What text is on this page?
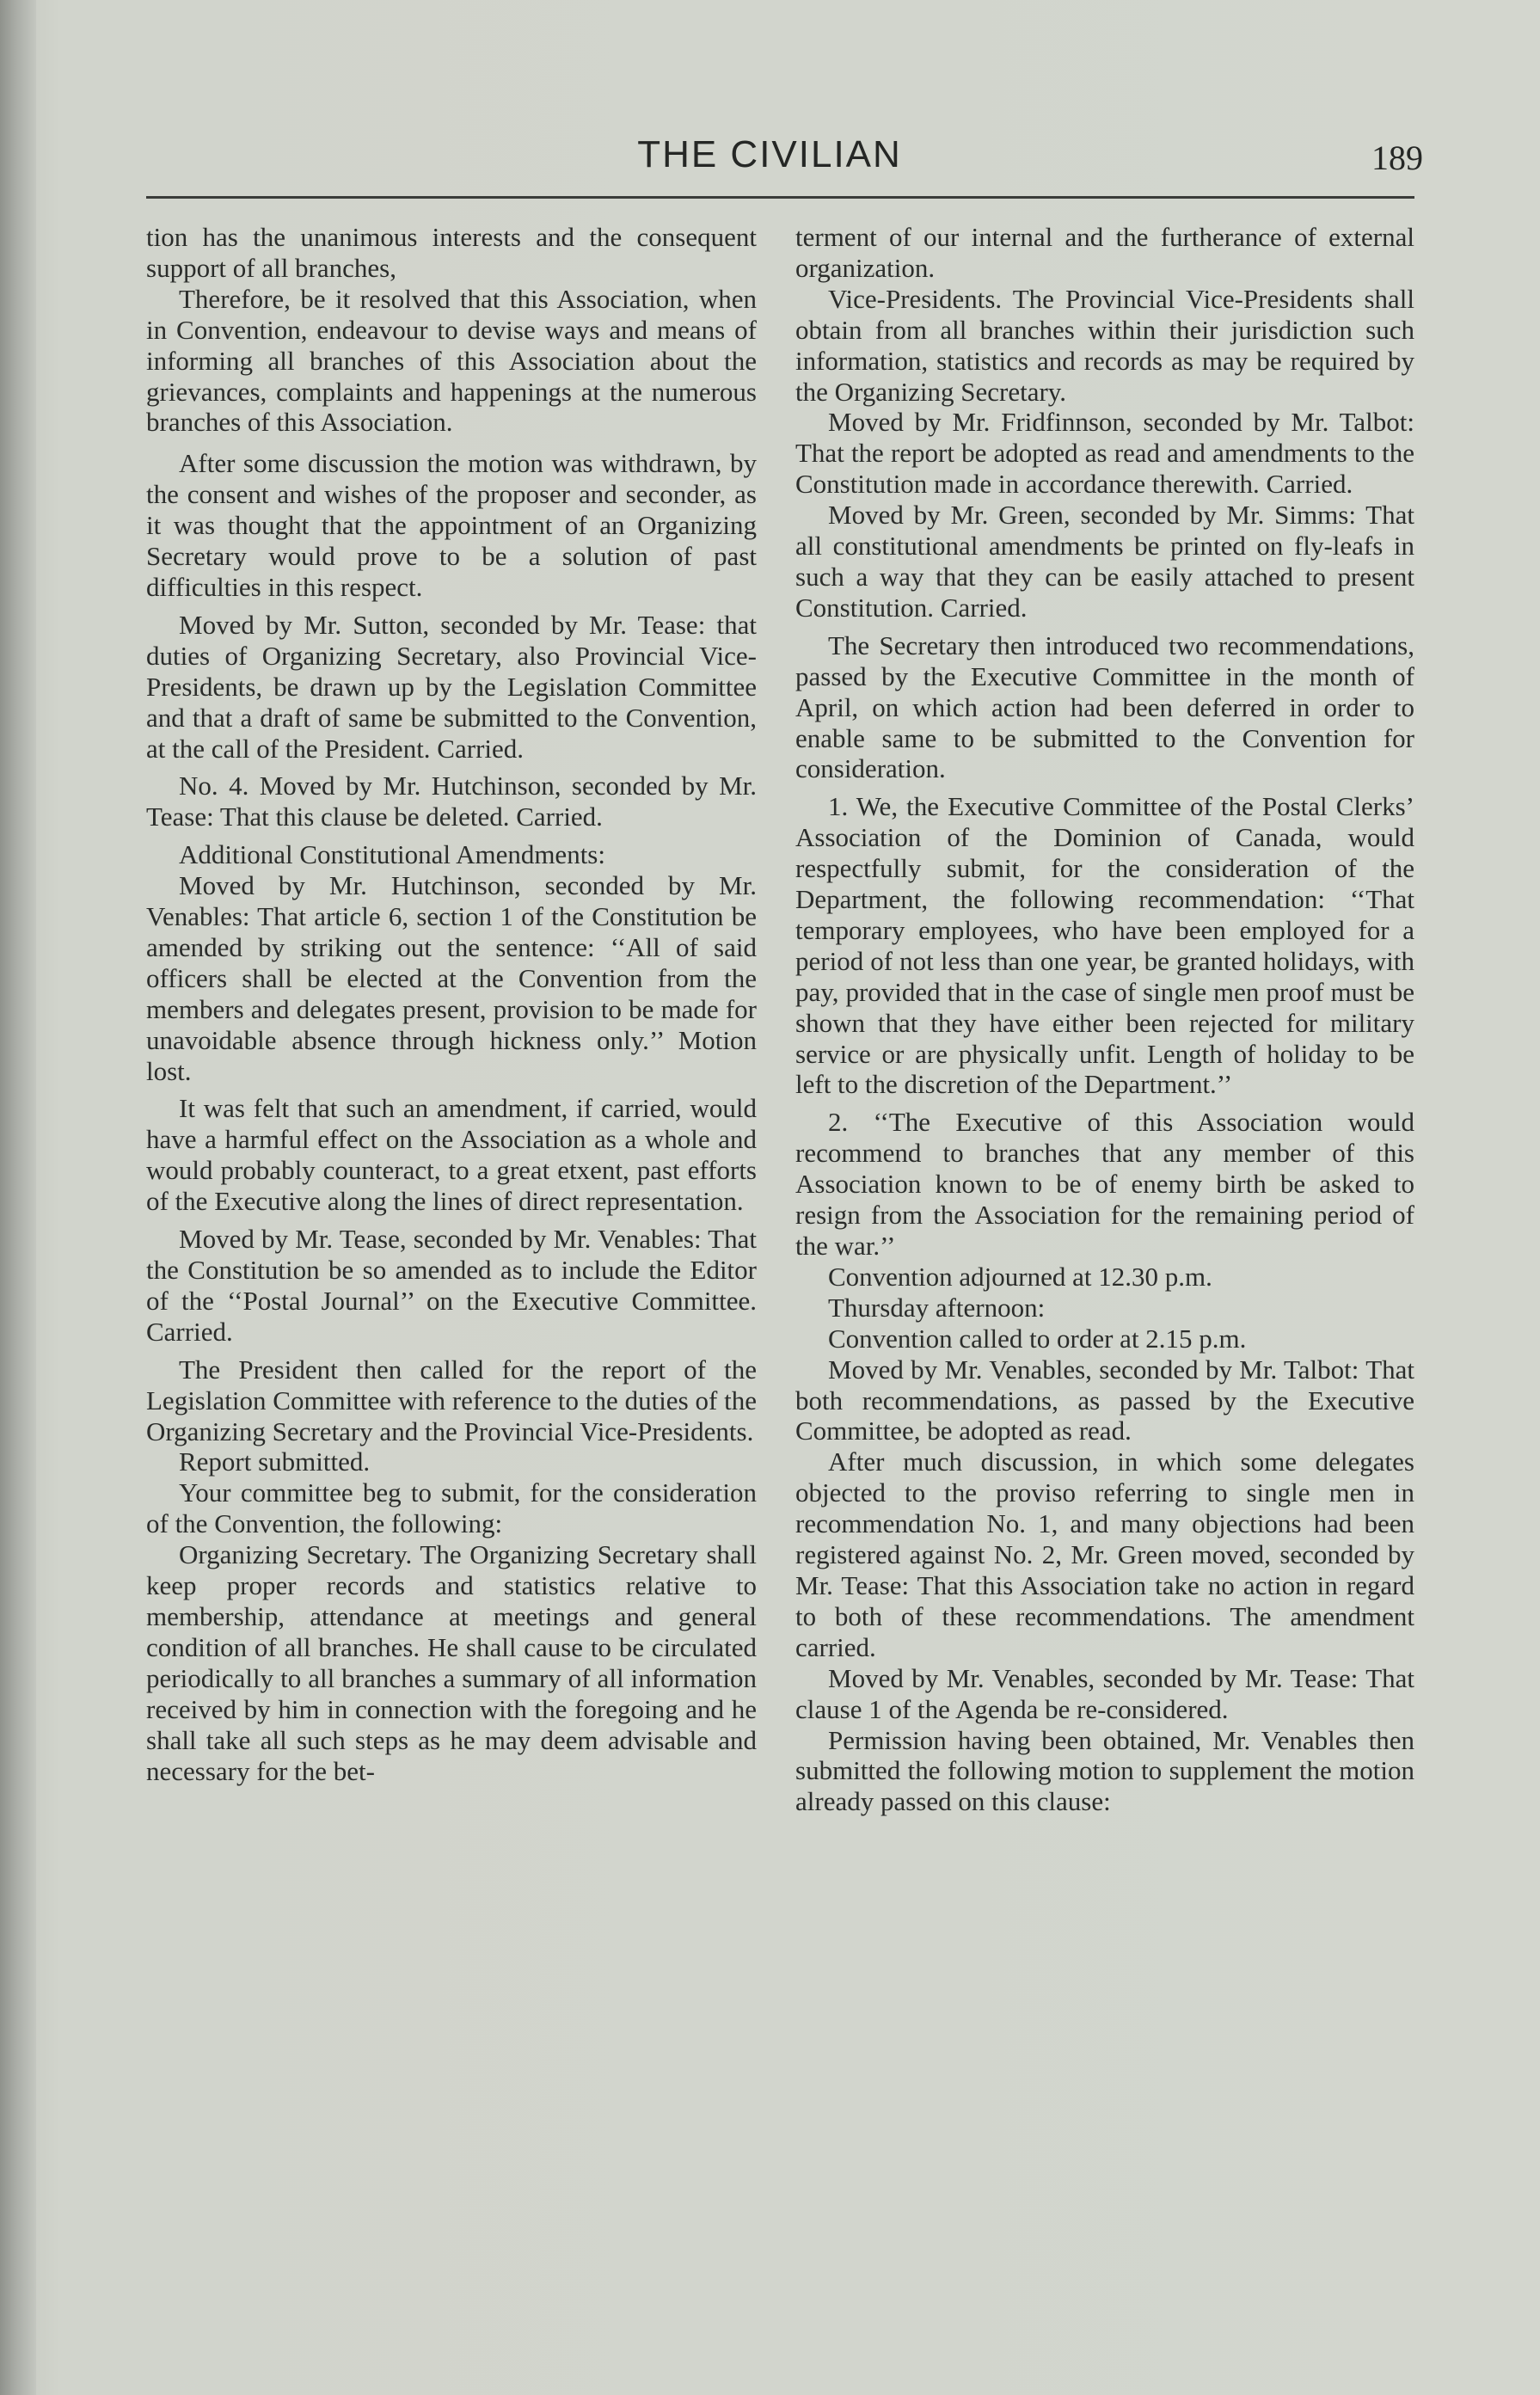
THE CIVILIAN	189

tion has the unanimous interests and the consequent support of all branches,

Therefore, be it resolved that this Association, when in Convention, endeavour to devise ways and means of informing all branches of this Association about the grievances, complaints and happenings at the numerous branches of this Association.

After some discussion the motion was withdrawn, by the consent and wishes of the proposer and seconder, as it was thought that the appointment of an Organizing Secretary would prove to be a solution of past difficulties in this respect.

Moved by Mr. Sutton, seconded by Mr. Tease: that duties of Organizing Secretary, also Provincial Vice-Presidents, be drawn up by the Legislation Committee and that a draft of same be submitted to the Convention, at the call of the President. Carried.

No. 4. Moved by Mr. Hutchinson, seconded by Mr. Tease: That this clause be deleted. Carried.

Additional Constitutional Amendments:

Moved by Mr. Hutchinson, seconded by Mr. Venables: That article 6, section 1 of the Constitution be amended by striking out the sentence: ‘‘All of said officers shall be elected at the Convention from the members and delegates present, provision to be made for unavoidable absence through hickness only.’’ Motion lost.

It was felt that such an amendment, if carried, would have a harmful effect on the Association as a whole and would probably counteract, to a great etxent, past efforts of the Executive along the lines of direct representation.

Moved by Mr. Tease, seconded by Mr. Venables: That the Constitution be so amended as to include the Editor of the ‘‘Postal Journal’’ on the Executive Committee. Carried.

The President then called for the report of the Legislation Committee with reference to the duties of the Organizing Secretary and the Provincial Vice-Presidents.

Report submitted.

Your committee beg to submit, for the consideration of the Convention, the following:

Organizing Secretary. The Organizing Secretary shall keep proper records and statistics relative to membership, attendance at meetings and general condition of all branches. He shall cause to be circulated periodically to all branches a summary of all information received by him in connection with the foregoing and he shall take all such steps as he may deem advisable and necessary for the bet-

terment of our internal and the furtherance of external organization.

Vice-Presidents. The Provincial Vice-Presidents shall obtain from all branches within their jurisdiction such information, statistics and records as may be required by the Organizing Secretary.

Moved by Mr. Fridfinnson, seconded by Mr. Talbot: That the report be adopted as read and amendments to the Constitution made in accordance therewith. Carried.

Moved by Mr. Green, seconded by Mr. Simms: That all constitutional amendments be printed on fly-leafs in such a way that they can be easily attached to present Constitution. Carried.

The Secretary then introduced two recommendations, passed by the Executive Committee in the month of April, on which action had been deferred in order to enable same to be submitted to the Convention for consideration.

1. We, the Executive Committee of the Postal Clerks’ Association of the Dominion of Canada, would respectfully submit, for the consideration of the Department, the following recommendation: ‘‘That temporary employees, who have been employed for a period of not less than one year, be granted holidays, with pay, provided that in the case of single men proof must be shown that they have either been rejected for military service or are physically unfit. Length of holiday to be left to the discretion of the Department.’’

2. ‘‘The Executive of this Association would recommend to branches that any member of this Association known to be of enemy birth be asked to resign from the Association for the remaining period of the war.’’

Convention adjourned at 12.30 p.m.

Thursday afternoon:

Convention called to order at 2.15 p.m.

Moved by Mr. Venables, seconded by Mr. Talbot: That both recommendations, as passed by the Executive Committee, be adopted as read.

After much discussion, in which some delegates objected to the proviso referring to single men in recommendation No. 1, and many objections had been registered against No. 2, Mr. Green moved, seconded by Mr. Tease: That this Association take no action in regard to both of these recommendations. The amendment carried.

Moved by Mr. Venables, seconded by Mr. Tease: That clause 1 of the Agenda be re-considered.

Permission having been obtained, Mr. Venables then submitted the following motion to supplement the motion already passed on this clause:
